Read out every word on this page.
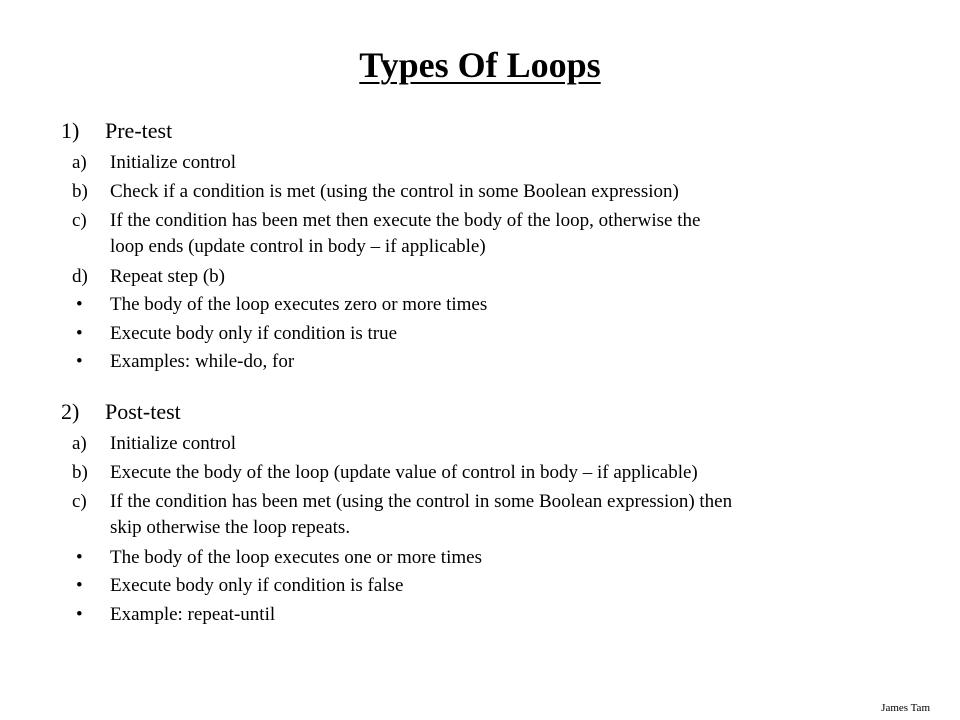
Types Of Loops
1) Pre-test
a) Initialize control
b) Check if a condition is met (using the control in some Boolean expression)
c) If the condition has been met then execute the body of the loop, otherwise the
loop ends (update control in body – if applicable)
d) Repeat step (b)
• The body of the loop executes zero or more times
• Execute body only if condition is true
• Examples: while-do, for
2) Post-test
a) Initialize control
b) Execute the body of the loop (update value of control in body – if applicable)
c) If the condition has been met (using the control in some Boolean expression) then
skip otherwise the loop repeats.
• The body of the loop executes one or more times
• Execute body only if condition is false
• Example: repeat-until
James Tam
